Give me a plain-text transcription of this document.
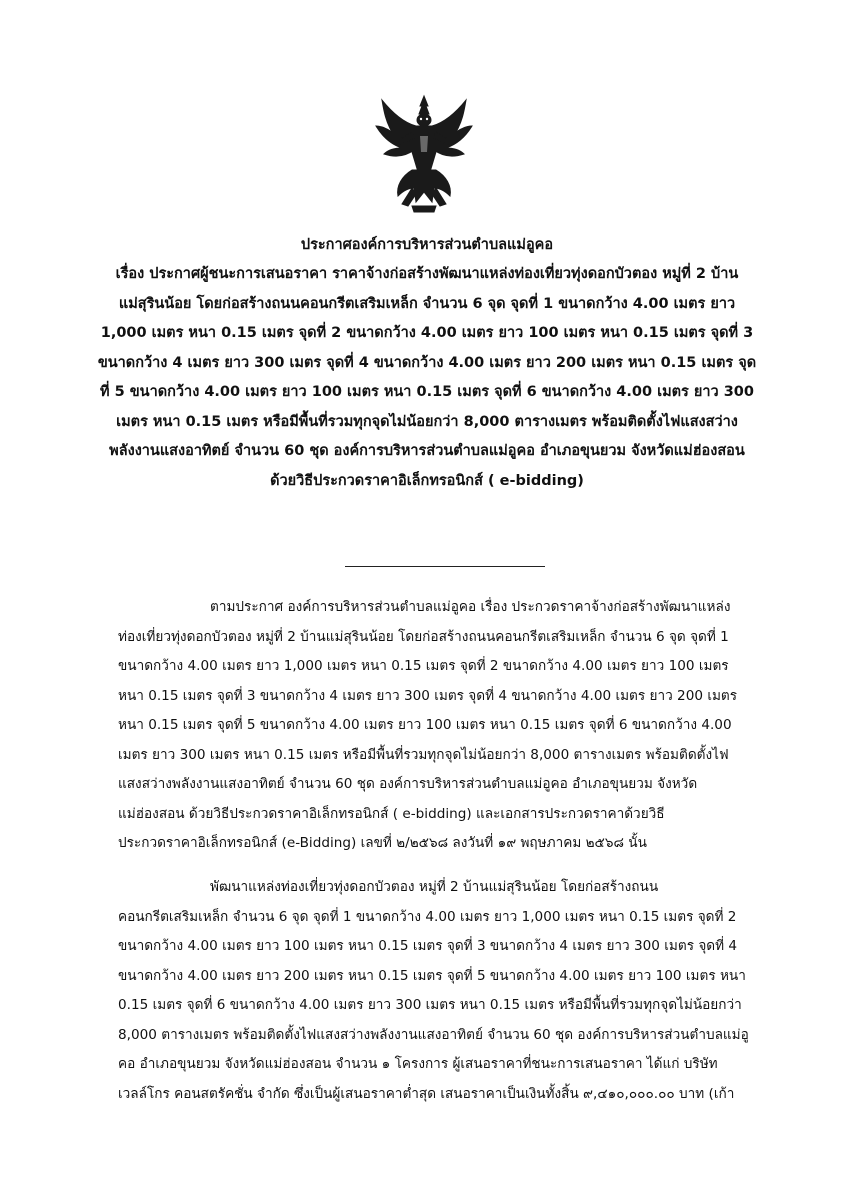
ประกาศองค์การบริหารส่วนตำบลแม่อูคอ
เรื่อง ประกาศผู้ชนะการเสนอราคา ราคาจ้างก่อสร้างพัฒนาแหล่งท่องเที่ยวทุ่งดอกบัวตอง หมู่ที่ 2 บ้าน
แม่สุรินน้อย โดยก่อสร้างถนนคอนกรีตเสริมเหล็ก จำนวน 6 จุด จุดที่ 1 ขนาดกว้าง 4.00 เมตร ยาว
1,000 เมตร หนา 0.15 เมตร จุดที่ 2 ขนาดกว้าง 4.00 เมตร ยาว 100 เมตร หนา 0.15 เมตร จุดที่ 3
ขนาดกว้าง 4 เมตร ยาว 300 เมตร จุดที่ 4 ขนาดกว้าง 4.00 เมตร ยาว 200 เมตร หนา 0.15 เมตร จุด
ที่ 5 ขนาดกว้าง 4.00 เมตร ยาว 100 เมตร หนา 0.15 เมตร จุดที่ 6 ขนาดกว้าง 4.00 เมตร ยาว 300
เมตร หนา 0.15 เมตร หรือมีพื้นที่รวมทุกจุดไม่น้อยกว่า 8,000 ตารางเมตร พร้อมติดตั้งไฟแสงสว่าง
พลังงานแสงอาทิตย์ จำนวน 60 ชุด องค์การบริหารส่วนตำบลแม่อูคอ อำเภอขุนยวม จังหวัดแม่ฮ่องสอน
ด้วยวิธีประกวดราคาอิเล็กทรอนิกส์ ( e-bidding)
ตามประกาศ องค์การบริหารส่วนตำบลแม่อูคอ เรื่อง ประกวดราคาจ้างก่อสร้างพัฒนาแหล่ง
ท่องเที่ยวทุ่งดอกบัวตอง หมู่ที่ 2 บ้านแม่สุรินน้อย โดยก่อสร้างถนนคอนกรีตเสริมเหล็ก จำนวน 6 จุด จุดที่ 1
ขนาดกว้าง 4.00 เมตร ยาว 1,000 เมตร หนา 0.15 เมตร จุดที่ 2 ขนาดกว้าง 4.00 เมตร ยาว 100 เมตร
หนา 0.15 เมตร จุดที่ 3 ขนาดกว้าง 4 เมตร ยาว 300 เมตร จุดที่ 4 ขนาดกว้าง 4.00 เมตร ยาว 200 เมตร
หนา 0.15 เมตร จุดที่ 5 ขนาดกว้าง 4.00 เมตร ยาว 100 เมตร หนา 0.15 เมตร จุดที่ 6 ขนาดกว้าง 4.00
เมตร ยาว 300 เมตร หนา 0.15 เมตร หรือมีพื้นที่รวมทุกจุดไม่น้อยกว่า 8,000 ตารางเมตร พร้อมติดตั้งไฟ
แสงสว่างพลังงานแสงอาทิตย์ จำนวน 60 ชุด องค์การบริหารส่วนตำบลแม่อูคอ อำเภอขุนยวม จังหวัด
แม่ฮ่องสอน ด้วยวิธีประกวดราคาอิเล็กทรอนิกส์ ( e-bidding) และเอกสารประกวดราคาด้วยวิธี
ประกวดราคาอิเล็กทรอนิกส์ (e-Bidding) เลขที่ ๒/๒๕๖๘ ลงวันที่ ๑๙ พฤษภาคม ๒๕๖๘ นั้น
พัฒนาแหล่งท่องเที่ยวทุ่งดอกบัวตอง หมู่ที่ 2 บ้านแม่สุรินน้อย โดยก่อสร้างถนน
คอนกรีตเสริมเหล็ก จำนวน 6 จุด จุดที่ 1 ขนาดกว้าง 4.00 เมตร ยาว 1,000 เมตร หนา 0.15 เมตร จุดที่ 2
ขนาดกว้าง 4.00 เมตร ยาว 100 เมตร หนา 0.15 เมตร จุดที่ 3 ขนาดกว้าง 4 เมตร ยาว 300 เมตร จุดที่ 4
ขนาดกว้าง 4.00 เมตร ยาว 200 เมตร หนา 0.15 เมตร จุดที่ 5 ขนาดกว้าง 4.00 เมตร ยาว 100 เมตร หนา
0.15 เมตร จุดที่ 6 ขนาดกว้าง 4.00 เมตร ยาว 300 เมตร หนา 0.15 เมตร หรือมีพื้นที่รวมทุกจุดไม่น้อยกว่า
8,000 ตารางเมตร พร้อมติดตั้งไฟแสงสว่างพลังงานแสงอาทิตย์ จำนวน 60 ชุด องค์การบริหารส่วนตำบลแม่อู
คอ อำเภอขุนยวม จังหวัดแม่ฮ่องสอน จำนวน ๑ โครงการ ผู้เสนอราคาที่ชนะการเสนอราคา ได้แก่ บริษัท
เวลล์โกร คอนสตรัคชั่น จำกัด ซึ่งเป็นผู้เสนอราคาต่ำสุด เสนอราคาเป็นเงินทั้งสิ้น ๙,๔๑๐,๐๐๐.๐๐ บาท (เก้า
